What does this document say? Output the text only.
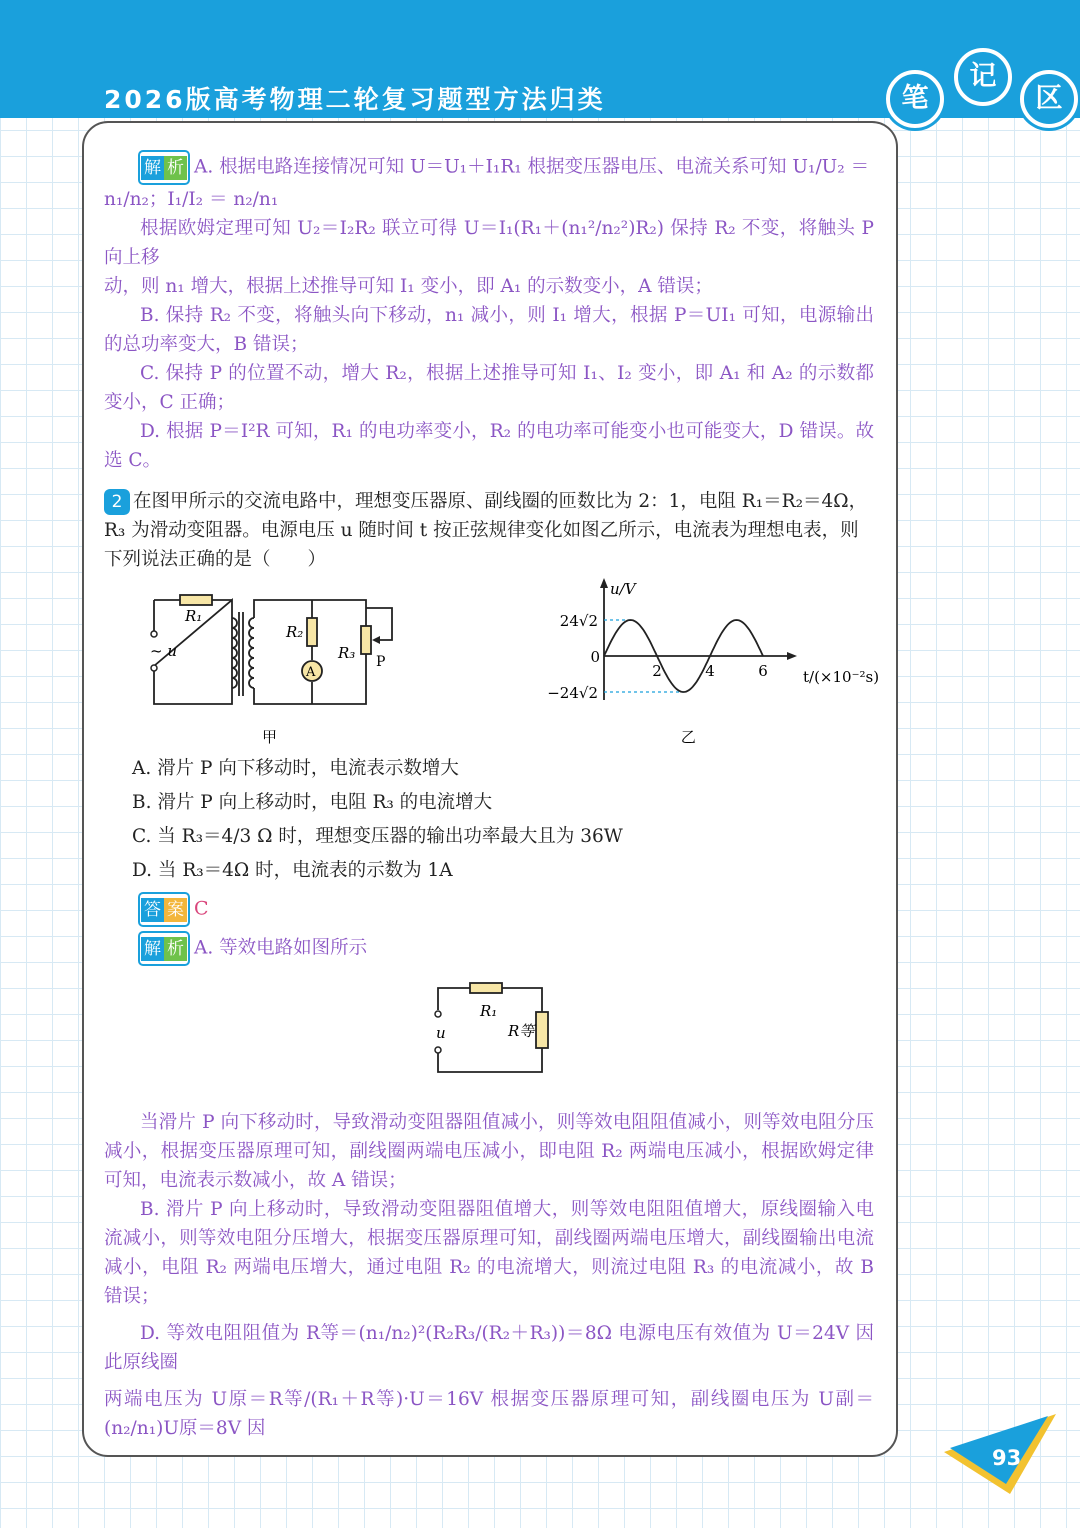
2026版高考物理二轮复习题型方法归类	笔
记
区

解 析 A. 根据电路连接情况可知 U＝U₁＋I₁R₁ 根据变压器电压、电流关系可知 U₁/U₂ ＝

n₁/n₂；I₁/I₂ ＝ n₂/n₁

根据欧姆定理可知 U₂＝I₂R₂ 联立可得 U＝I₁(R₁＋(n₁²/n₂²)R₂) 保持 R₂ 不变，将触头 P 向上移

动，则 n₁ 增大，根据上述推导可知 I₁ 变小，即 A₁ 的示数变小，A 错误；

B. 保持 R₂ 不变，将触头向下移动，n₁ 减小，则 I₁ 增大，根据 P＝UI₁ 可知，电源输出的总功率变大，B 错误；

C. 保持 P 的位置不动，增大 R₂，根据上述推导可知 I₁、I₂ 变小，即 A₁ 和 A₂ 的示数都变小，C 正确；

D. 根据 P＝I²R 可知，R₁ 的电功率变小，R₂ 的电功率可能变小也可能变大，D 错误。故选 C。

2 在图甲所示的交流电路中，理想变压器原、副线圈的匝数比为 2：1，电阻 R₁＝R₂＝4Ω，R₃ 为滑动变阻器。电源电压 u 随时间 t 按正弦规律变化如图乙所示，电流表为理想电表，则下列说法正确的是（　　）

R₁
R₂
R₃
~ u
A
P
甲
u/V
t/(×10⁻²s)
24√2
0
−24√2
2	4	6
乙

A. 滑片 P 向下移动时，电流表示数增大

B. 滑片 P 向上移动时，电阻 R₃ 的电流增大

C. 当 R₃＝4/3 Ω 时，理想变压器的输出功率最大且为 36W

D. 当 R₃＝4Ω 时，电流表的示数为 1A

答 案 C

解 析 A. 等效电路如图所示

R₁
u	R等

当滑片 P 向下移动时，导致滑动变阻器阻值减小，则等效电阻阻值减小，则等效电阻分压减小，根据变压器原理可知，副线圈两端电压减小，即电阻 R₂ 两端电压减小，根据欧姆定律可知，电流表示数减小，故 A 错误；

B. 滑片 P 向上移动时，导致滑动变阻器阻值增大，则等效电阻阻值增大，原线圈输入电流减小，则等效电阻分压增大，根据变压器原理可知，副线圈两端电压增大，副线圈输出电流减小，电阻 R₂ 两端电压增大，通过电阻 R₂ 的电流增大，则流过电阻 R₃ 的电流减小，故 B 错误；

D. 等效电阻阻值为 R等＝(n₁/n₂)²(R₂R₃/(R₂＋R₃))＝8Ω 电源电压有效值为 U＝24V 因此原线圈

两端电压为 U原＝R等/(R₁＋R等)·U＝16V 根据变压器原理可知，副线圈电压为 U副＝(n₂/n₁)U原＝8V 因

93
